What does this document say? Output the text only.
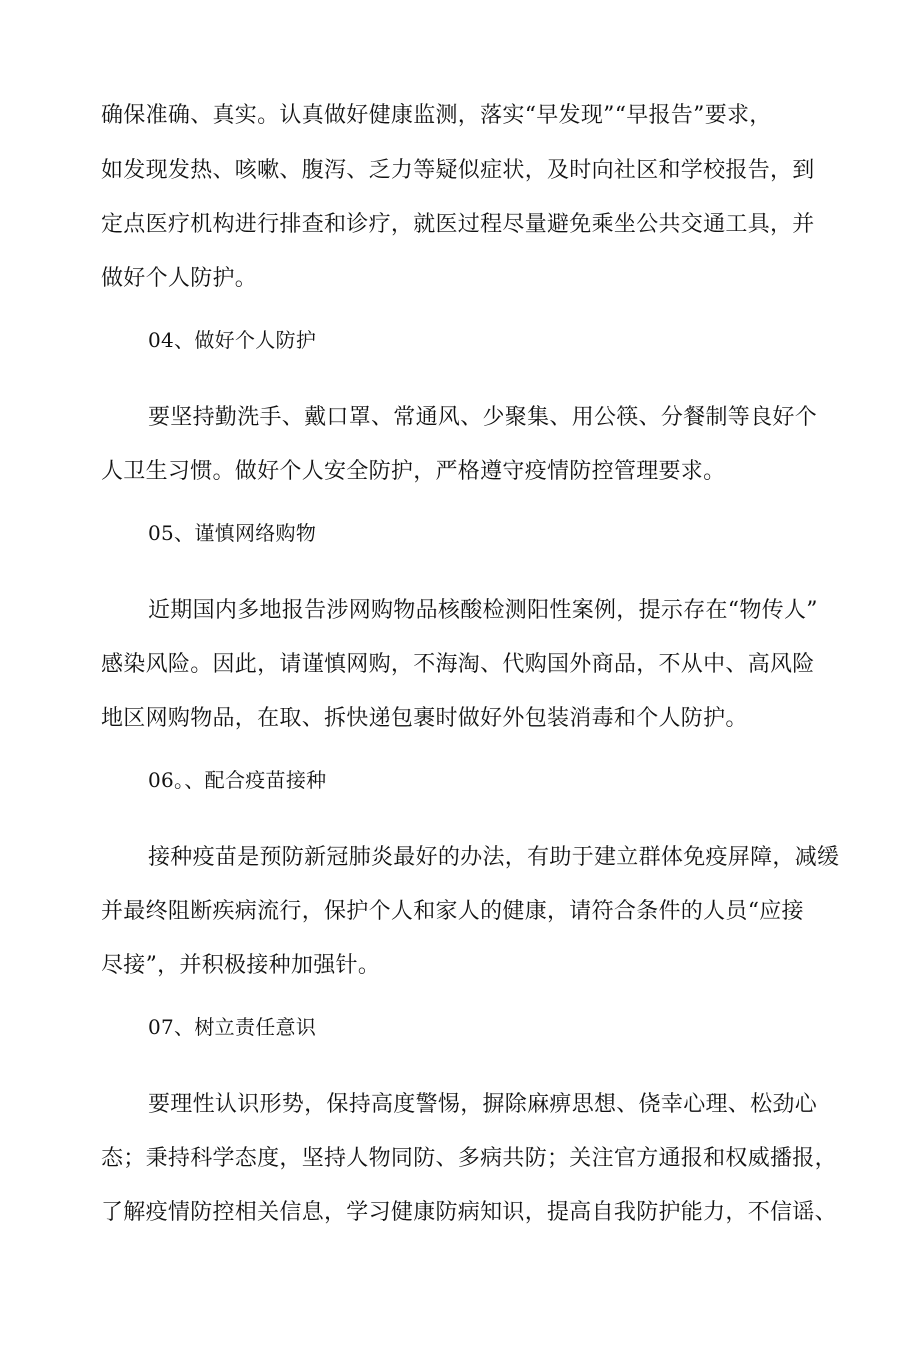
确保准确、真实。认真做好健康监测，落实“早发现”“早报告”要求，
如发现发热、咳嗽、腹泻、乏力等疑似症状，及时向社区和学校报告，到
定点医疗机构进行排查和诊疗，就医过程尽量避免乘坐公共交通工具，并
做好个人防护。
04、做好个人防护
要坚持勤洗手、戴口罩、常通风、少聚集、用公筷、分餐制等良好个
人卫生习惯。做好个人安全防护，严格遵守疫情防控管理要求。
05、谨慎网络购物
近期国内多地报告涉网购物品核酸检测阳性案例，提示存在“物传人”
感染风险。因此，请谨慎网购，不海淘、代购国外商品，不从中、高风险
地区网购物品，在取、拆快递包裹时做好外包装消毒和个人防护。
06。、配合疫苗接种
接种疫苗是预防新冠肺炎最好的办法，有助于建立群体免疫屏障，减缓
并最终阻断疾病流行，保护个人和家人的健康，请符合条件的人员“应接
尽接”，并积极接种加强针。
07、树立责任意识
要理性认识形势，保持高度警惕，摒除麻痹思想、侥幸心理、松劲心
态；秉持科学态度，坚持人物同防、多病共防；关注官方通报和权威播报，
了解疫情防控相关信息，学习健康防病知识，提高自我防护能力，不信谣、
